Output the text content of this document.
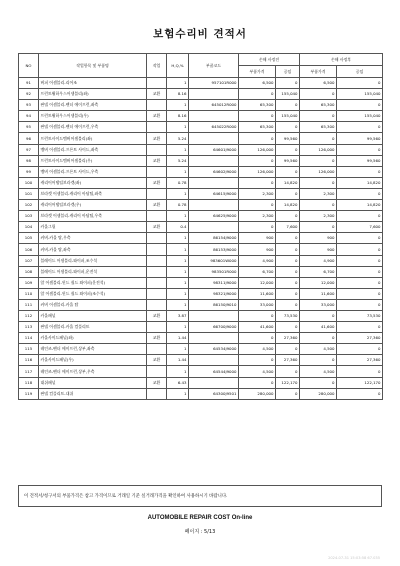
보험수리비 견적서
NO	작업항목 및 부품명	작업	H,Q,%	부품코드	손해 사정전		손해 사정후	
					부품가격	공임	부품가격	공임
91	버퍼 어셈블리-리어조		1	957101R000	6,500	0	6,500	0
92	프런트휠하우스어셈블리(좌)	교환	8.16		0	155,040	0	155,040
93	판넬 어셈블리-펜더 에이프런,좌측		1	645012R000	65,300	0	65,300	0
94	프런트휠하우스어셈블리(우)	교환	8.16		0	155,040	0	155,040
95	판넬 어셈블리-펜더 에이프런,우측		1	645022R000	65,300	0	65,300	0
96	프런트사이드멤버어셈블리(좌)	교환	5.24		0	99,560	0	99,560
97	멤버 어셈블리-프론트 사이드,좌측		1	64601J9000	126,000	0	126,000	0
98	프런트사이드멤버어셈블리(우)	교환	5.24		0	99,560	0	99,560
99	멤버 어셈블리-프론트 사이드,우측		1	64602J9000	126,000	0	126,000	0
100	캐리어어댑털브라켓(좌)	교환	0.78		0	14,820	0	14,820
101	브라켓 어셈블리-캐리어 아답틸,좌측		1	64615J9000	2,300	0	2,300	0
102	캐리어어댑털브라켓(우)	교환	0.78		0	14,820	0	14,820
103	브라켓 어셈블리-캐리어 아답틸,우측		1	64625J9000	2,300	0	2,300	0
104	카울그릴	교환	0.4		0	7,600	0	7,600
105	커버-카울 탑,우측		1	86154J9000	900	0	900	0
106	커버-카울 탑,좌측		1	86153J9000	900	0	900	0
107	블레이드 어셈블리-와이퍼,조수석		1	983601W000	4,900	0	4,900	0
108	블레이드 어셈블리-와이퍼,운전석		1	983501R000	6,700	0	6,700	0
109	암 어셈블리-윈드 쉴드 와이퍼(운전석)		1	98311J9000	12,000	0	12,000	0
110	암 어셈블리-윈드 쉴드 와이퍼(조수석)		1	98321J9000	11,600	0	11,600	0
111	커버 어셈블리-카울 탑		1	86150J9010	33,000	0	33,000	0
112	카울패널	교환	3.87		0	73,530	0	73,530
113	판넬 어셈블리-카울 컴플리트		1	66700J9000	41,600	0	41,600	0
114	카울사이드패널(좌)	교환	1.44		0	27,360	0	27,360
115	레인즈-펜더 에이프런,상부,좌측		1	64534J9000	4,500	0	4,500	0
116	카울사이드패널(우)	교환	1.44		0	27,360	0	27,360
117	레인즈-펜더 에이프런,상부,우측		1	64544J9000	4,500	0	4,500	0
118	대쉬패널	교환	6.43		0	122,170	0	122,170
119	판넬 컴플리트-대쉬		1	64300J9501	280,000	0	280,000	0
이 견적서/청구서의 부품가격은 참고 가격이므로 거래일 기준 실거래가격을 확인하여 사용하시기 바랍니다.
AUTOMOBILE REPAIR COST On-line
페이지 : 5/13
2024-07-31 15:03:58 67.035
